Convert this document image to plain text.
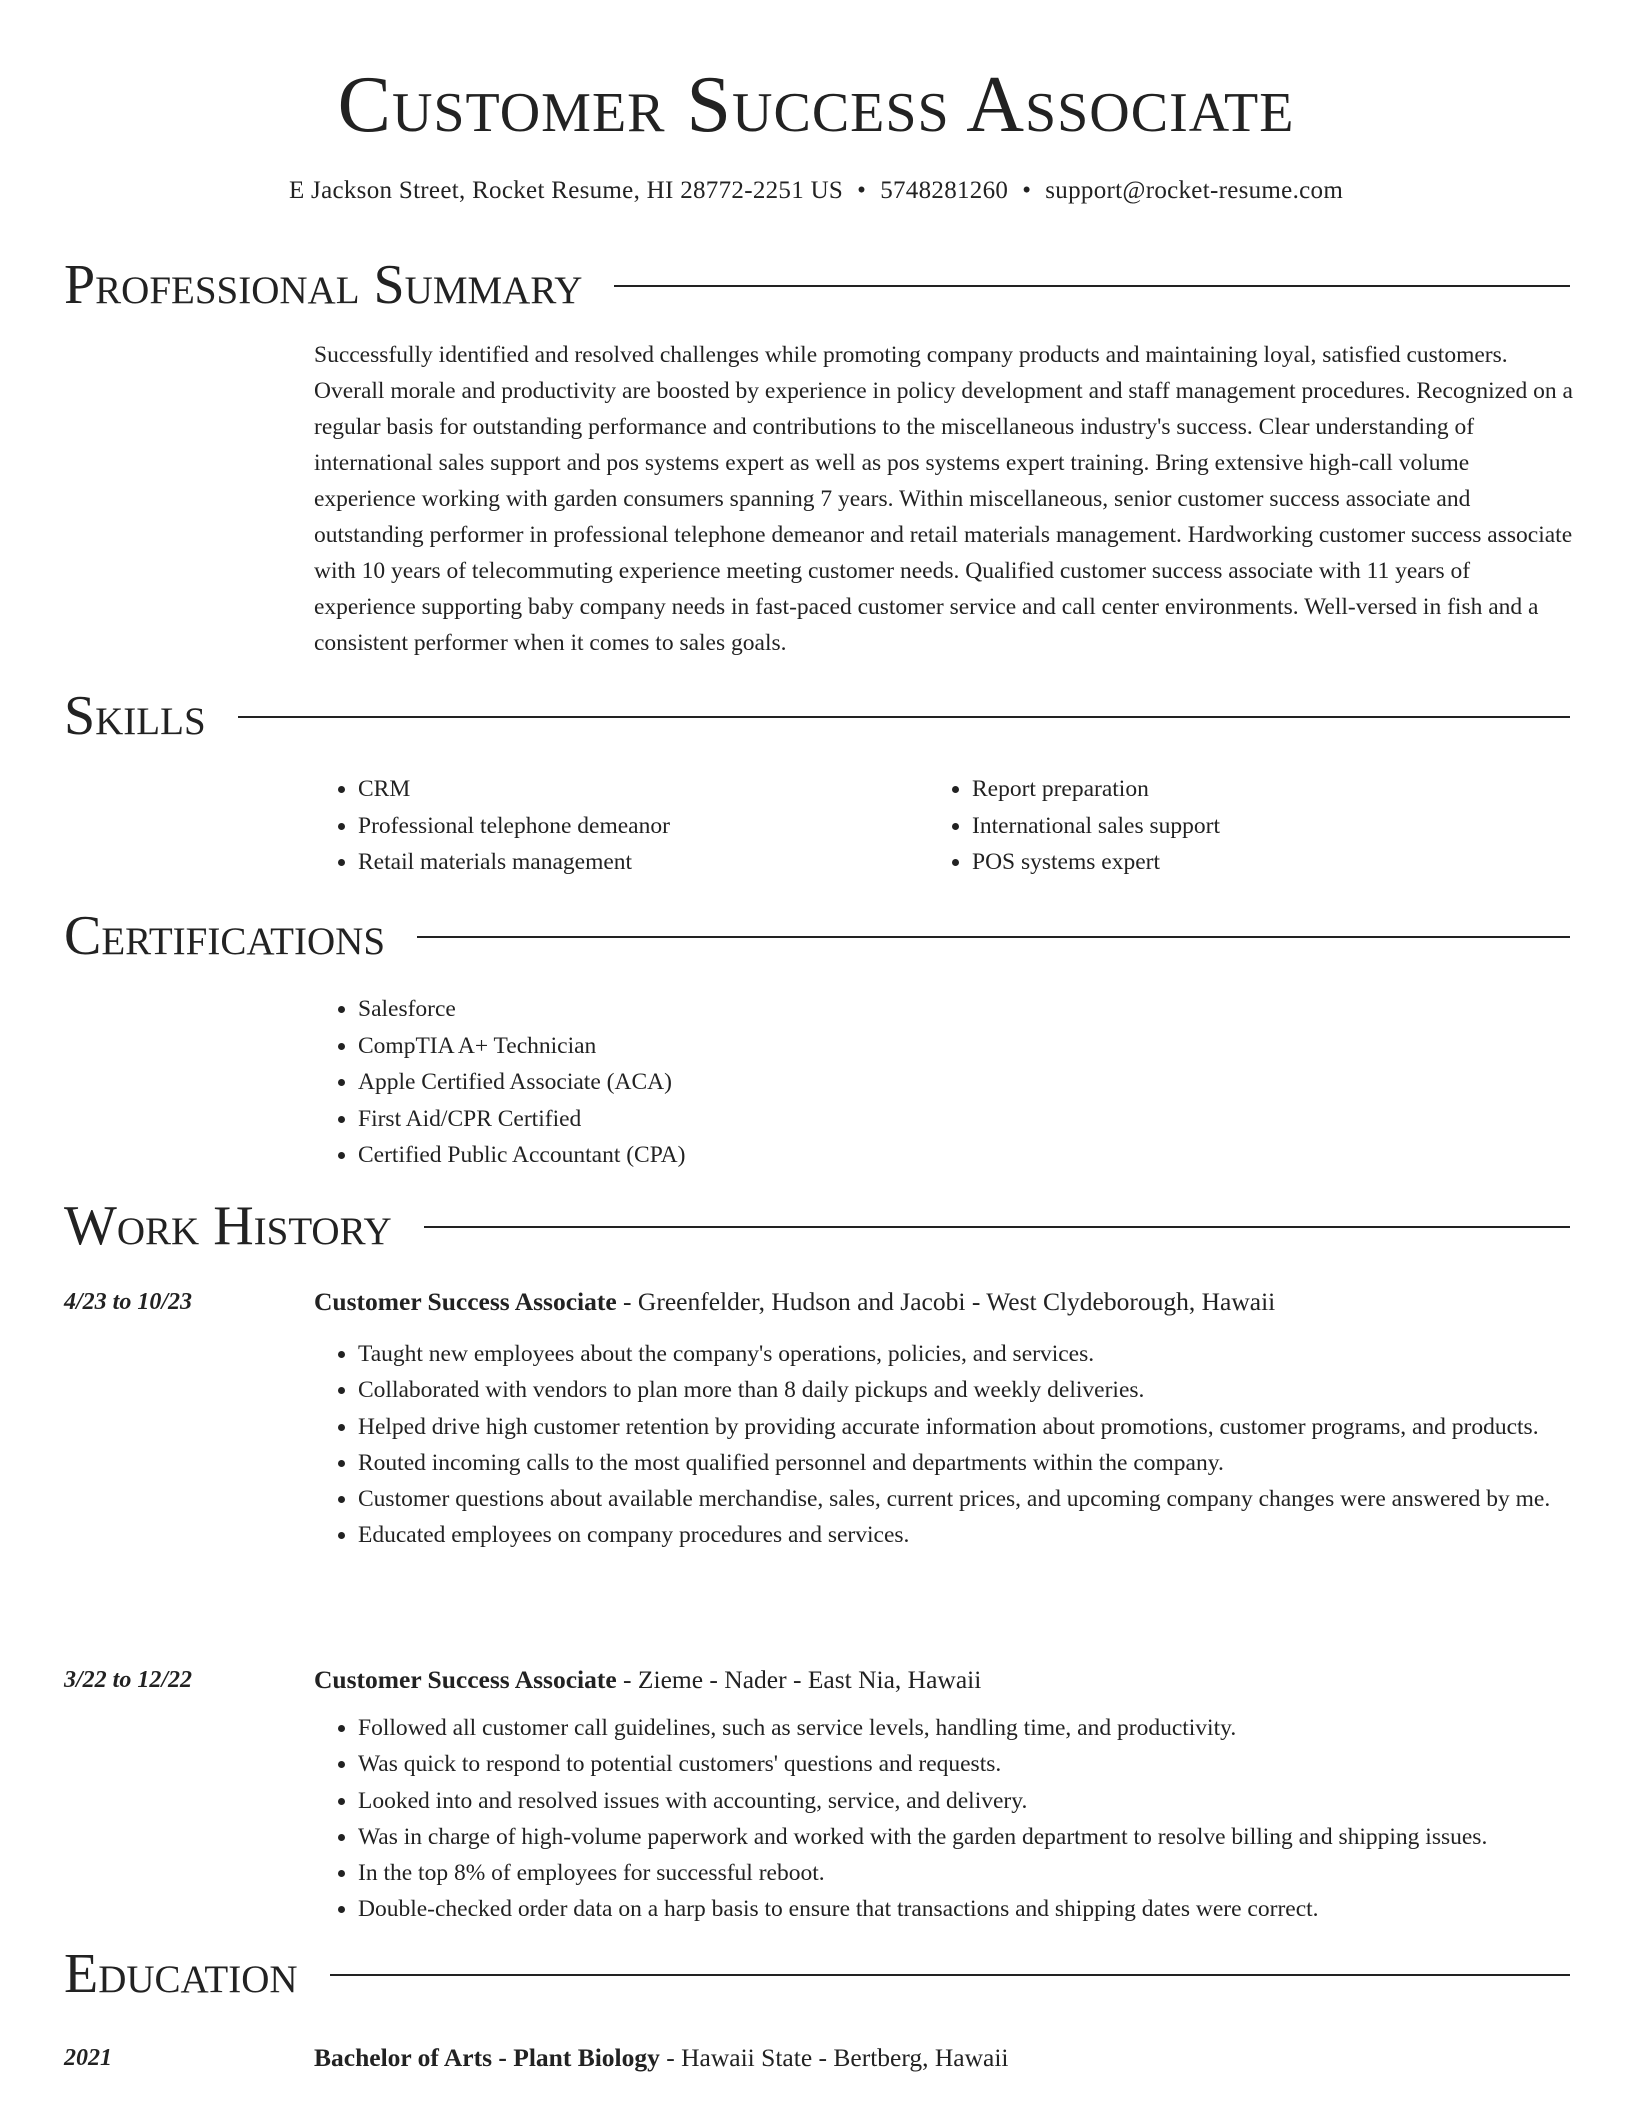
Customer Success Associate
E Jackson Street, Rocket Resume, HI 28772-2251 US • 5748281260 • support@rocket-resume.com
Professional Summary

Successfully identified and resolved challenges while promoting company products and maintaining loyal, satisfied customers. Overall morale and productivity are boosted by experience in policy development and staff management procedures. Recognized on a regular basis for outstanding performance and contributions to the miscellaneous industry's success. Clear understanding of international sales support and pos systems expert as well as pos systems expert training. Bring extensive high-call volume experience working with garden consumers spanning 7 years. Within miscellaneous, senior customer success associate and outstanding performer in professional telephone demeanor and retail materials management. Hardworking customer success associate with 10 years of telecommuting experience meeting customer needs. Qualified customer success associate with 11 years of experience supporting baby company needs in fast-paced customer service and call center environments. Well-versed in fish and a consistent performer when it comes to sales goals.

Skills
• CRM
• Professional telephone demeanor
• Retail materials management
• Report preparation
• International sales support
• POS systems expert
Certifications
• Salesforce
• CompTIA A+ Technician
• Apple Certified Associate (ACA)
• First Aid/CPR Certified
• Certified Public Accountant (CPA)
Work History
4/23 to 10/23	Customer Success Associate - Greenfelder, Hudson and Jacobi - West Clydeborough, Hawaii
• Taught new employees about the company's operations, policies, and services.
• Collaborated with vendors to plan more than 8 daily pickups and weekly deliveries.
• Helped drive high customer retention by providing accurate information about promotions, customer programs, and products.
• Routed incoming calls to the most qualified personnel and departments within the company.
• Customer questions about available merchandise, sales, current prices, and upcoming company changes were answered by me.
• Educated employees on company procedures and services.
3/22 to 12/22	Customer Success Associate - Zieme - Nader - East Nia, Hawaii
• Followed all customer call guidelines, such as service levels, handling time, and productivity.
• Was quick to respond to potential customers' questions and requests.
• Looked into and resolved issues with accounting, service, and delivery.
• Was in charge of high-volume paperwork and worked with the garden department to resolve billing and shipping issues.
• In the top 8% of employees for successful reboot.
• Double-checked order data on a harp basis to ensure that transactions and shipping dates were correct.
Education
2021	Bachelor of Arts - Plant Biology - Hawaii State - Bertberg, Hawaii
